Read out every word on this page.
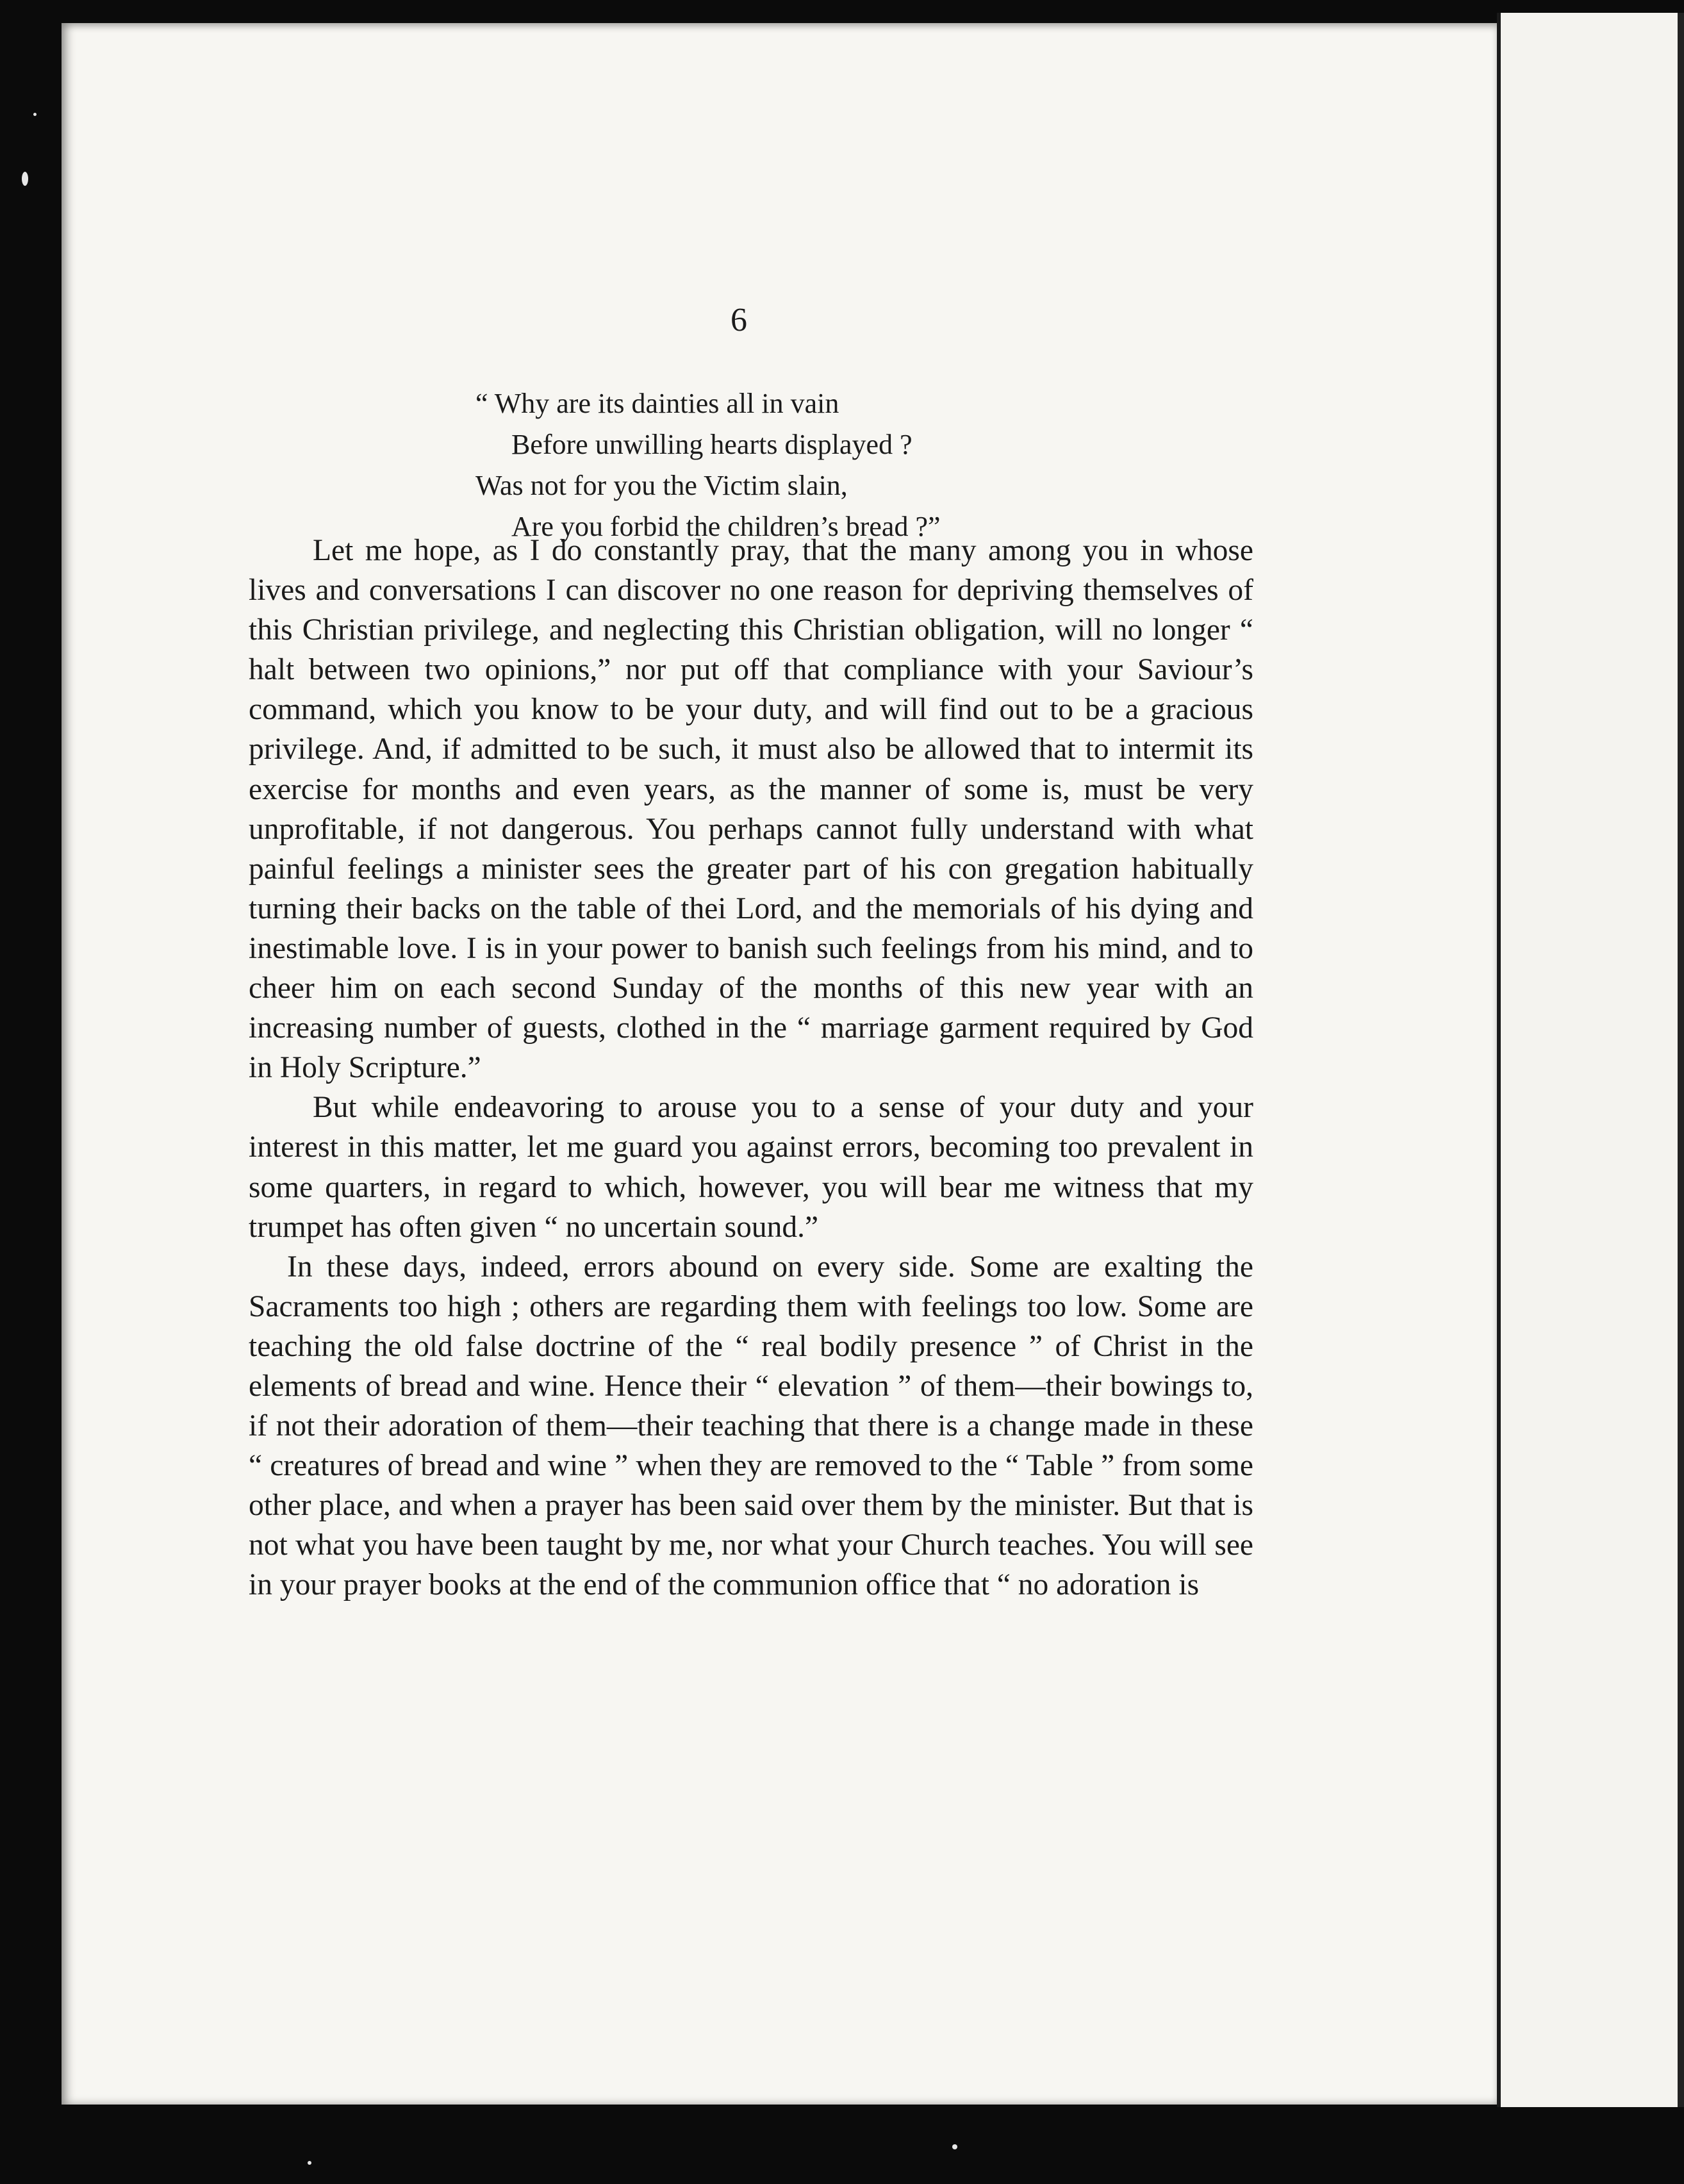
6
“ Why are its dainties all in vain
Before unwilling hearts displayed ?
Was not for you the Victim slain,
Are you forbid the children’s bread ?”

Let me hope, as I do constantly pray, that the many among you in whose lives and conversations I can discover no one reason for depriving themselves of this Christian privilege, and neglecting this Christian obligation, will no longer “ halt between two opinions,” nor put off that compliance with your Saviour’s command, which you know to be your duty, and will find out to be a gracious privilege. And, if admitted to be such, it must also be allowed that to intermit its exercise for months and even years, as the manner of some is, must be very unprofitable, if not dangerous. You perhaps cannot fully understand with what painful feelings a minister sees the greater part of his con gregation habitually turning their backs on the table of thei Lord, and the memorials of his dying and inestimable love. I is in your power to banish such feelings from his mind, and to cheer him on each second Sunday of the months of this new year with an increasing number of guests, clothed in the “ marriage garment required by God in Holy Scripture.”

But while endeavoring to arouse you to a sense of your duty and your interest in this matter, let me guard you against errors, becoming too prevalent in some quarters, in regard to which, however, you will bear me witness that my trumpet has often given “ no uncertain sound.”

In these days, indeed, errors abound on every side. Some are exalting the Sacraments too high ; others are regarding them with feelings too low. Some are teaching the old false doctrine of the “ real bodily presence ” of Christ in the elements of bread and wine. Hence their “ elevation ” of them—their bowings to, if not their adoration of them—their teaching that there is a change made in these “ creatures of bread and wine ” when they are removed to the “ Table ” from some other place, and when a prayer has been said over them by the minister. But that is not what you have been taught by me, nor what your Church teaches. You will see in your prayer books at the end of the communion office that “ no adoration is
